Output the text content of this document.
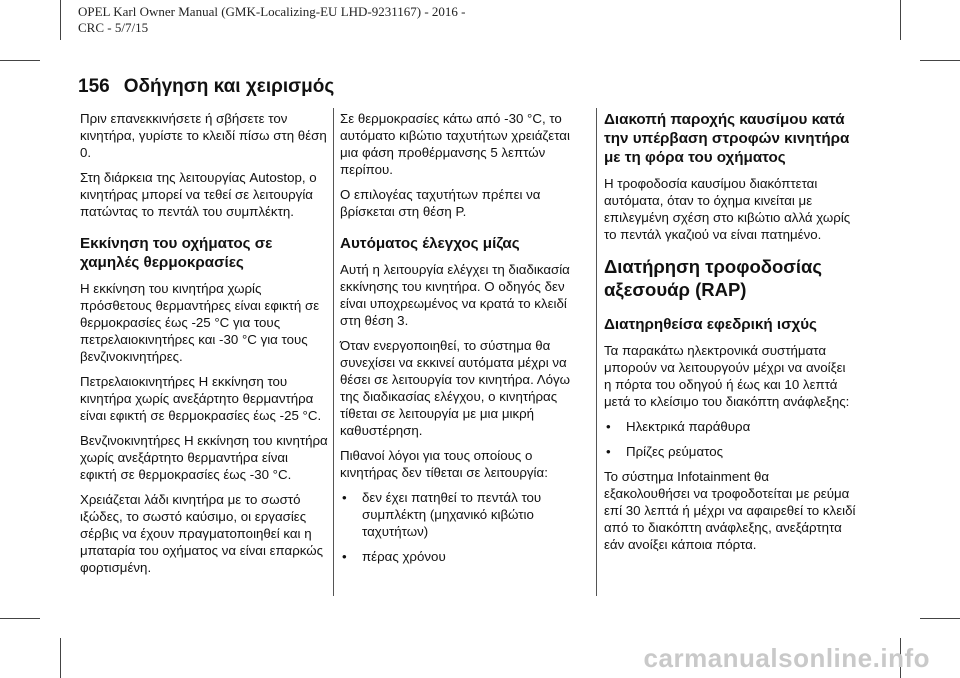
OPEL Karl Owner Manual (GMK-Localizing-EU LHD-9231167) - 2016 -
CRC - 5/7/15
156 Οδήγηση και χειρισμός

Πριν επανεκκινήσετε ή σβήσετε τον κινητήρα, γυρίστε το κλειδί πίσω στη θέση 0.

Στη διάρκεια της λειτουργίας Autostop, ο κινητήρας μπορεί να τεθεί σε λειτουργία πατώντας το πεντάλ του συμπλέκτη.

Εκκίνηση του οχήματος σε χαμηλές θερμοκρασίες

Η εκκίνηση του κινητήρα χωρίς πρόσθετους θερμαντήρες είναι εφικτή σε θερμοκρασίες έως -25 °C για τους πετρελαιοκινητήρες και -30 °C για τους βενζινοκινητήρες.

Πετρελαιοκινητήρες Η εκκίνηση του κινητήρα χωρίς ανεξάρτητο θερμαντήρα είναι εφικτή σε θερμοκρασίες έως -25 °C.

Βενζινοκινητήρες Η εκκίνηση του κινητήρα χωρίς ανεξάρτητο θερμαντήρα είναι εφικτή σε θερμοκρασίες έως -30 °C.

Χρειάζεται λάδι κινητήρα με το σωστό ιξώδες, το σωστό καύσιμο, οι εργασίες σέρβις να έχουν πραγματοποιηθεί και η μπαταρία του οχήματος να είναι επαρκώς φορτισμένη.

Σε θερμοκρασίες κάτω από -30 °C, το αυτόματο κιβώτιο ταχυτήτων χρειάζεται μια φάση προθέρμανσης 5 λεπτών περίπου.

Ο επιλογέας ταχυτήτων πρέπει να βρίσκεται στη θέση P.

Αυτόματος έλεγχος μίζας

Αυτή η λειτουργία ελέγχει τη διαδικασία εκκίνησης του κινητήρα. Ο οδηγός δεν είναι υποχρεωμένος να κρατά το κλειδί στη θέση 3.

Όταν ενεργοποιηθεί, το σύστημα θα συνεχίσει να εκκινεί αυτόματα μέχρι να θέσει σε λειτουργία τον κινητήρα. Λόγω της διαδικασίας ελέγχου, ο κινητήρας τίθεται σε λειτουργία με μια μικρή καθυστέρηση.

Πιθανοί λόγοι για τους οποίους ο κινητήρας δεν τίθεται σε λειτουργία:

• δεν έχει πατηθεί το πεντάλ του συμπλέκτη (μηχανικό κιβώτιο ταχυτήτων)
• πέρας χρόνου
Διακοπή παροχής καυσίμου κατά την υπέρβαση στροφών κινητήρα με τη φόρα του οχήματος

Η τροφοδοσία καυσίμου διακόπτεται αυτόματα, όταν το όχημα κινείται με επιλεγμένη σχέση στο κιβώτιο αλλά χωρίς το πεντάλ γκαζιού να είναι πατημένο.

Διατήρηση τροφοδοσίας αξεσουάρ (RAP)
Διατηρηθείσα εφεδρική ισχύς

Τα παρακάτω ηλεκτρονικά συστήματα μπορούν να λειτουργούν μέχρι να ανοίξει η πόρτα του οδηγού ή έως και 10 λεπτά μετά το κλείσιμο του διακόπτη ανάφλεξης:

• Ηλεκτρικά παράθυρα
• Πρίζες ρεύματος

Το σύστημα Infotainment θα εξακολουθήσει να τροφοδοτείται με ρεύμα επί 30 λεπτά ή μέχρι να αφαιρεθεί το κλειδί από το διακόπτη ανάφλεξης, ανεξάρτητα εάν ανοίξει κάποια πόρτα.

carmanualsonline.info
